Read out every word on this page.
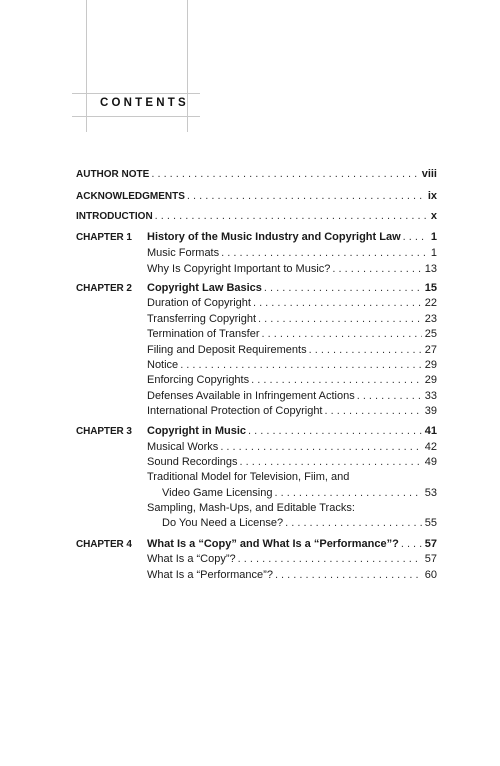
CONTENTS
AUTHOR NOTE . . .	viii
ACKNOWLEDGMENTS . . .	ix
INTRODUCTION . . .	x
CHAPTER 1 History of the Music Industry and Copyright Law . . .	1
Music Formats . . .	1
Why Is Copyright Important to Music? . . .	13
CHAPTER 2 Copyright Law Basics . . .	15
Duration of Copyright . . .	22
Transferring Copyright . . .	23
Termination of Transfer . . .	25
Filing and Deposit Requirements . . .	27
Notice . . .	29
Enforcing Copyrights . . .	29
Defenses Available in Infringement Actions . . .	33
International Protection of Copyright . . .	39
CHAPTER 3 Copyright in Music . . .	41
Musical Works . . .	42
Sound Recordings . . .	49
Traditional Model for Television, Fiim, and
Video Game Licensing . . .	53
Sampling, Mash-Ups, and Editable Tracks:
Do You Need a License? . . .	55
CHAPTER 4 What Is a “Copy” and What Is a “Performance”? . . . 57
What Is a “Copy”? . . .	57
What Is a “Performance”? . . .	60
